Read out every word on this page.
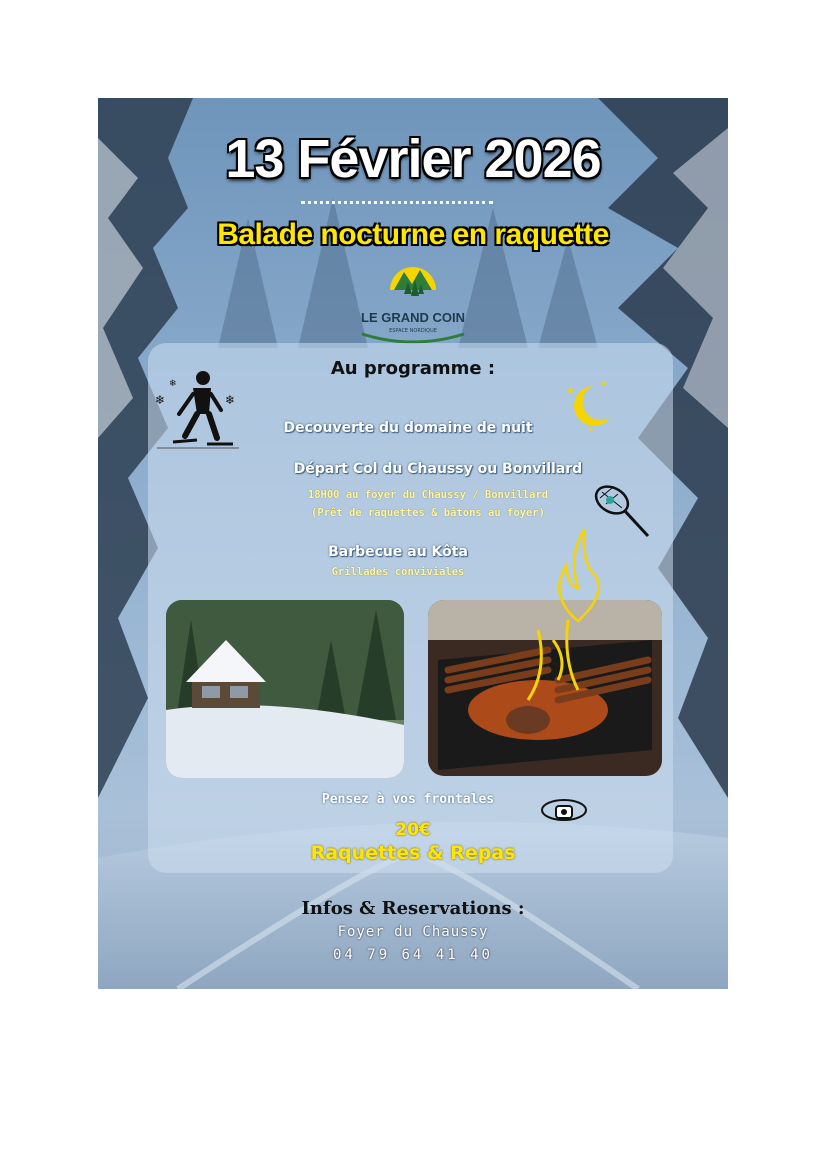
13 Février 2026
Balade nocturne en raquette
LE GRAND COIN
ESPACE NORDIQUE
Au programme :
❄	❄
❄
★
★
★
Decouverte du domaine de nuit
Départ Col du Chaussy ou Bonvillard
18H00 au foyer du Chaussy / Bonvillard
(Prêt de raquettes & bâtons au foyer)
Barbecue au Kôta
Grillades conviviales
Pensez à vos frontales
20€
Raquettes & Repas
Infos & Reservations :
Foyer du Chaussy
04 79 64 41 40
